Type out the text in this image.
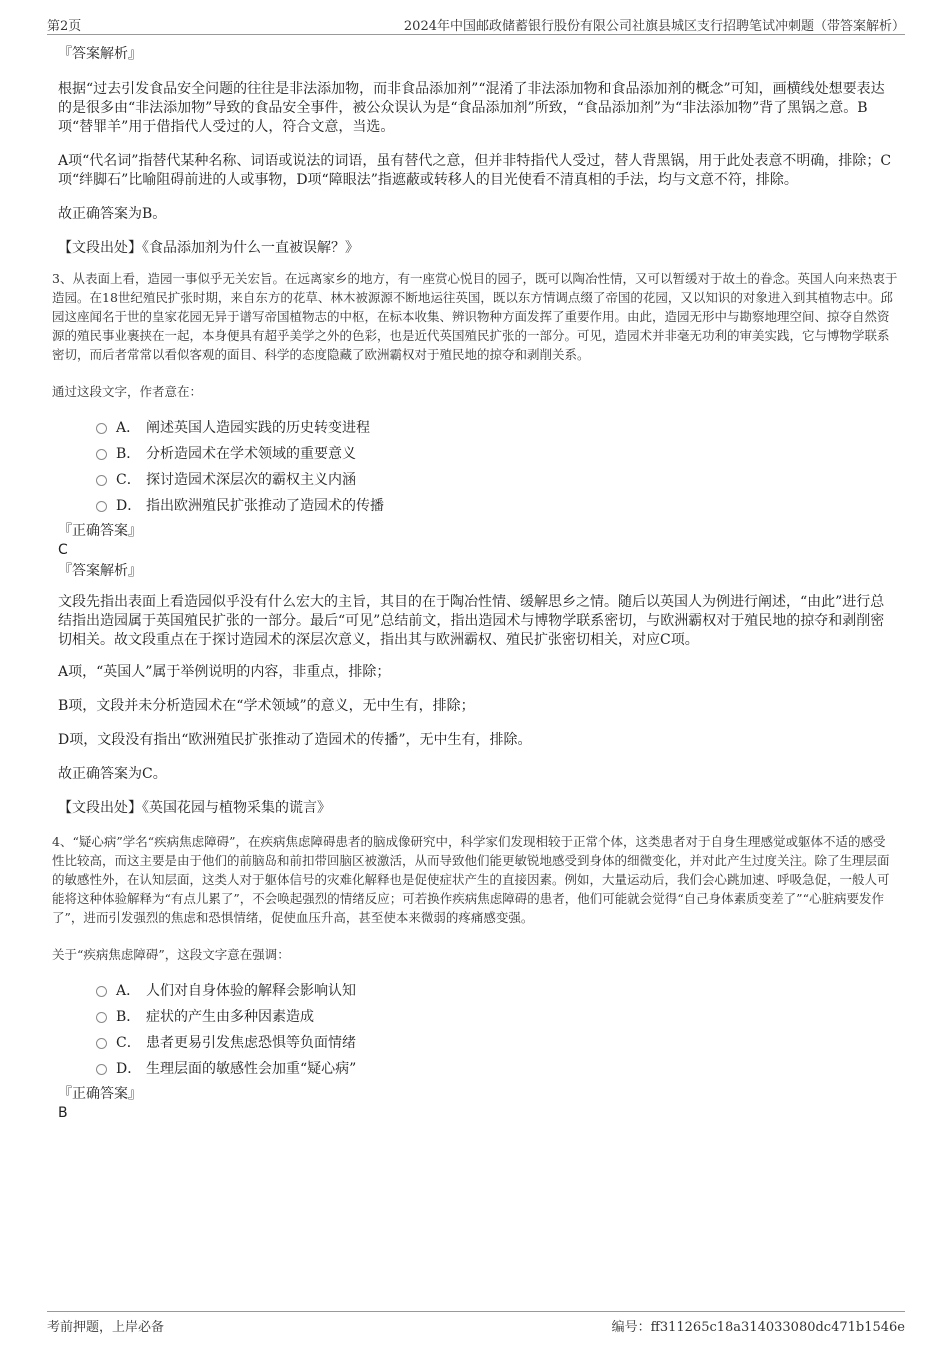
第2页	2024年中国邮政储蓄银行股份有限公司社旗县城区支行招聘笔试冲刺题（带答案解析）

『答案解析』

根据“过去引发食品安全问题的往往是非法添加物，而非食品添加剂”“混淆了非法添加物和食品添加剂的概念”可知，画横线处想要表达的是很多由“非法添加物”导致的食品安全事件，被公众误认为是“食品添加剂”所致，“食品添加剂”为“非法添加物”背了黑锅之意。B项“替罪羊”用于借指代人受过的人，符合文意，当选。

A项“代名词”指替代某种名称、词语或说法的词语，虽有替代之意，但并非特指代人受过，替人背黑锅，用于此处表意不明确，排除；C项“绊脚石”比喻阻碍前进的人或事物，D项“障眼法”指遮蔽或转移人的目光使看不清真相的手法，均与文意不符，排除。

故正确答案为B。

【文段出处】《食品添加剂为什么一直被误解？》

3、从表面上看，造园一事似乎无关宏旨。在远离家乡的地方，有一座赏心悦目的园子，既可以陶冶性情，又可以暂缓对于故土的眷念。英国人向来热衷于造园。在18世纪殖民扩张时期，来自东方的花草、林木被源源不断地运往英国，既以东方情调点缀了帝国的花园，又以知识的对象进入到其植物志中。邱园这座闻名于世的皇家花园无异于谱写帝国植物志的中枢，在标本收集、辨识物种方面发挥了重要作用。由此，造园无形中与勘察地理空间、掠夺自然资源的殖民事业裹挟在一起，本身便具有超乎美学之外的色彩，也是近代英国殖民扩张的一部分。可见，造园术并非毫无功利的审美实践，它与博物学联系密切，而后者常常以看似客观的面目、科学的态度隐藏了欧洲霸权对于殖民地的掠夺和剥削关系。

通过这段文字，作者意在：

A． 阐述英国人造园实践的历史转变进程
B． 分析造园术在学术领域的重要意义
C． 探讨造园术深层次的霸权主义内涵
D． 指出欧洲殖民扩张推动了造园术的传播

『正确答案』

C

『答案解析』

文段先指出表面上看造园似乎没有什么宏大的主旨，其目的在于陶冶性情、缓解思乡之情。随后以英国人为例进行阐述，“由此”进行总结指出造园属于英国殖民扩张的一部分。最后“可见”总结前文，指出造园术与博物学联系密切，与欧洲霸权对于殖民地的掠夺和剥削密切相关。故文段重点在于探讨造园术的深层次意义，指出其与欧洲霸权、殖民扩张密切相关，对应C项。

A项，“英国人”属于举例说明的内容，非重点，排除；

B项，文段并未分析造园术在“学术领域”的意义，无中生有，排除；

D项，文段没有指出“欧洲殖民扩张推动了造园术的传播”，无中生有，排除。

故正确答案为C。

【文段出处】《英国花园与植物采集的谎言》

4、“疑心病”学名“疾病焦虑障碍”，在疾病焦虑障碍患者的脑成像研究中，科学家们发现相较于正常个体，这类患者对于自身生理感觉或躯体不适的感受性比较高，而这主要是由于他们的前脑岛和前扣带回脑区被激活，从而导致他们能更敏锐地感受到身体的细微变化，并对此产生过度关注。除了生理层面的敏感性外，在认知层面，这类人对于躯体信号的灾难化解释也是促使症状产生的直接因素。例如，大量运动后，我们会心跳加速、呼吸急促，一般人可能将这种体验解释为“有点儿累了”，不会唤起强烈的情绪反应；可若换作疾病焦虑障碍的患者，他们可能就会觉得“自己身体素质变差了”“心脏病要发作了”，进而引发强烈的焦虑和恐惧情绪，促使血压升高，甚至使本来微弱的疼痛感变强。

关于“疾病焦虑障碍”，这段文字意在强调：

A． 人们对自身体验的解释会影响认知
B． 症状的产生由多种因素造成
C． 患者更易引发焦虑恐惧等负面情绪
D． 生理层面的敏感性会加重“疑心病”

『正确答案』

B

考前押题，上岸必备	编号：ff311265c18a314033080dc471b1546e
